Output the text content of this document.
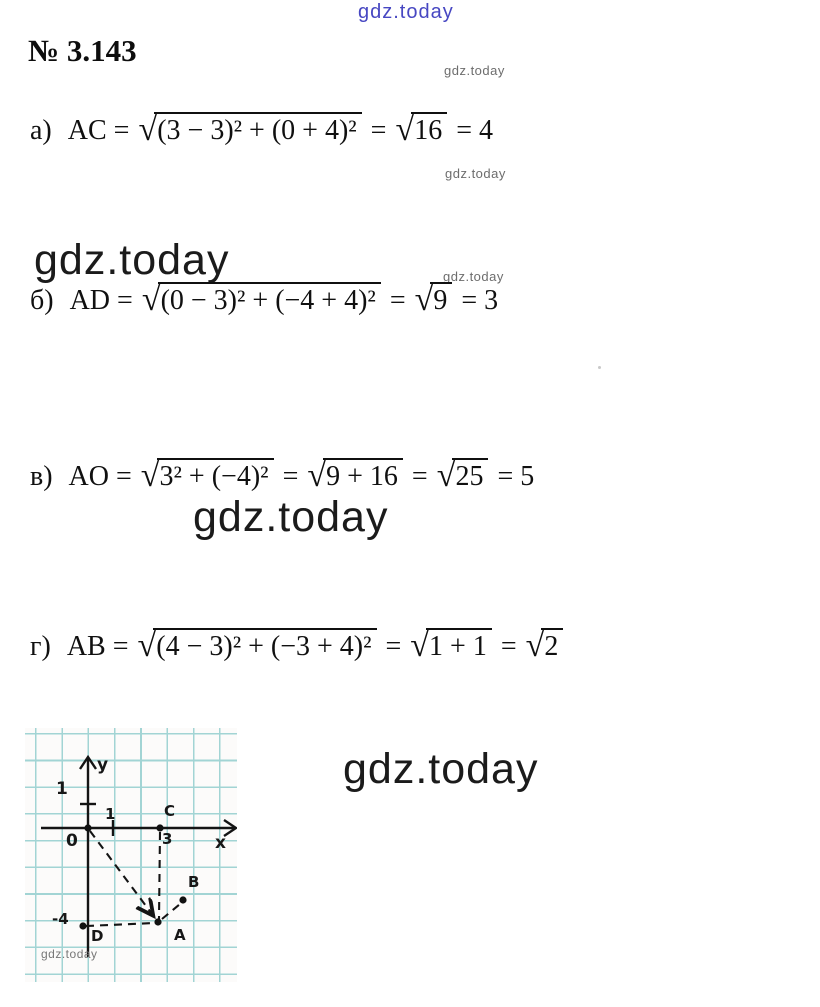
gdz.today
№ 3.143
gdz.today
gdz.today
gdz.today	gdz.today
gdz.today
gdz.today
а) AC = √(3 − 3)² + (0 + 4)² = √16 = 4
б) AD = √(0 − 3)² + (−4 + 4)² = √9 = 3
в) AO = √3² + (−4)² = √9 + 16 = √25 = 5
г) AB = √(4 − 3)² + (−3 + 4)² = √1 + 1 = √2
y
1
1	C
3	x
0
-4
D	A
B
gdz.today
